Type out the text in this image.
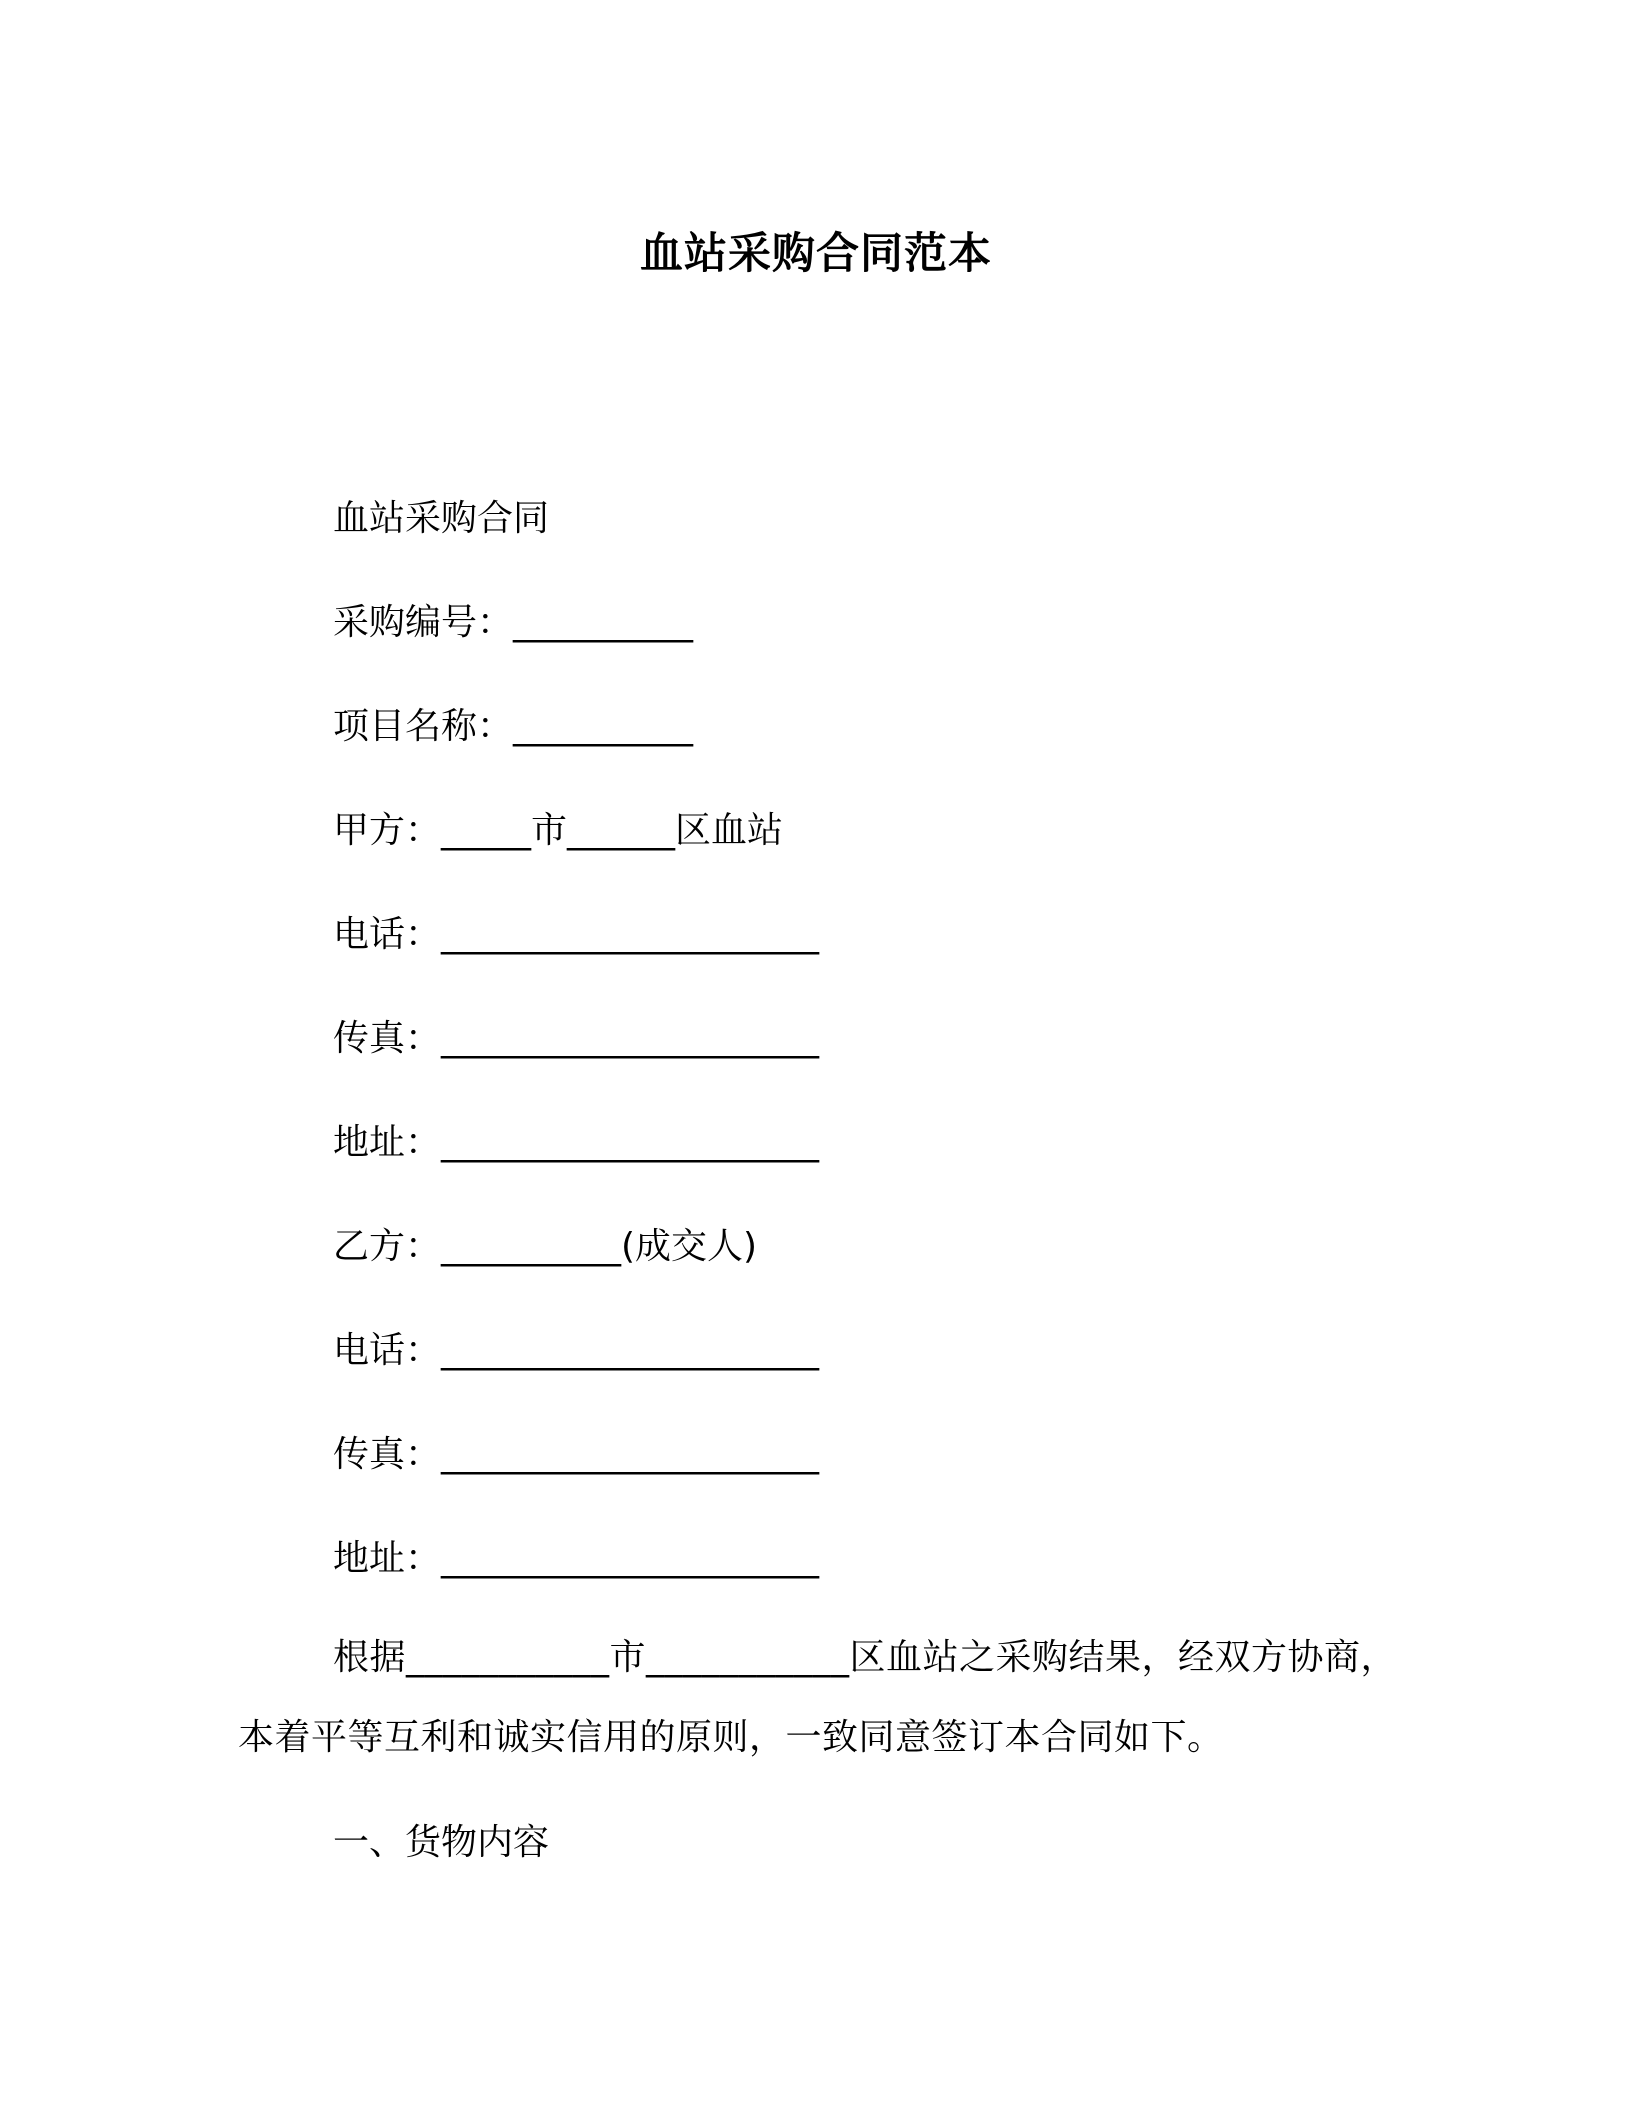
血站采购合同范本
血站采购合同
采购编号：__________
项目名称：__________
甲方：_____市______区血站
电话：_____________________
传真：_____________________
地址：_____________________
乙方：__________(成交人)
电话：_____________________
传真：_____________________
地址：_____________________
根据___________市___________区血站之采购结果，经双方协商，
本着平等互利和诚实信用的原则，一致同意签订本合同如下。
一、货物内容
